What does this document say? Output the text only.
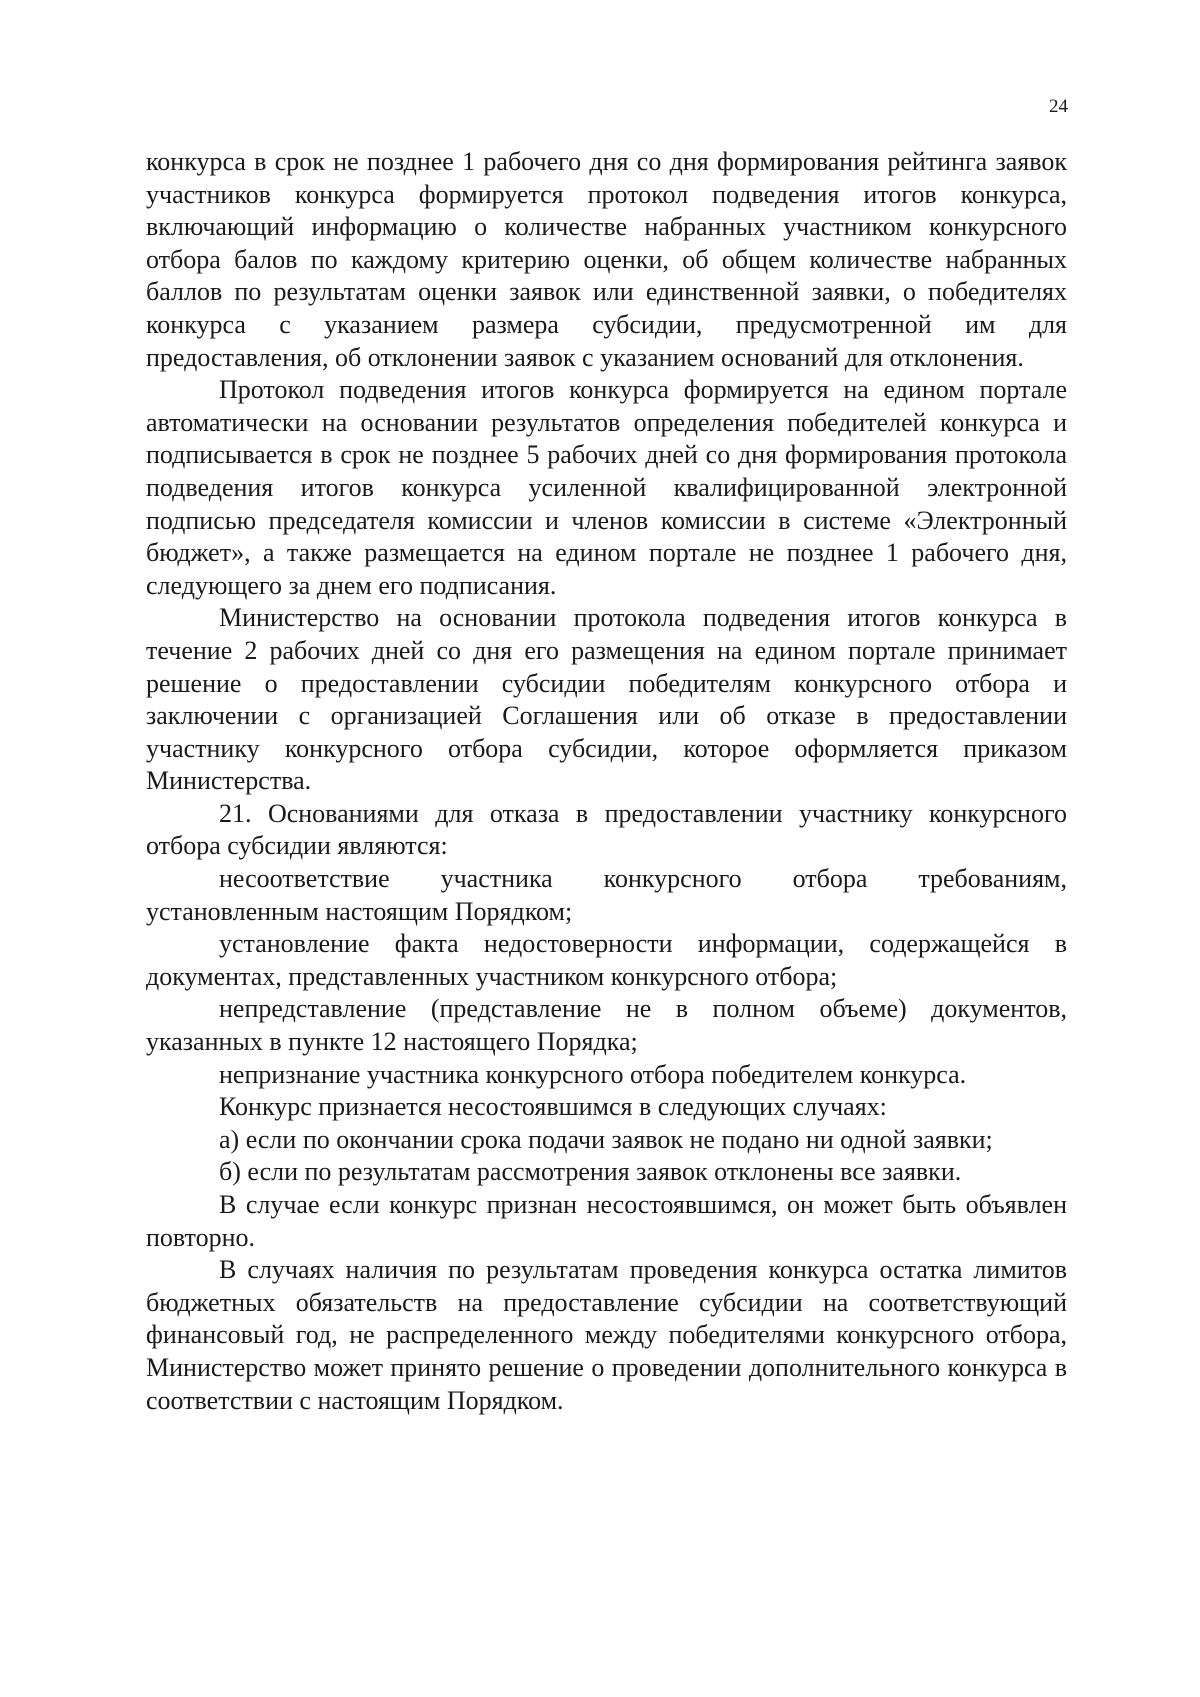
24

конкурса в срок не позднее 1 рабочего дня со дня формирования рейтинга заявок участников конкурса формируется протокол подведения итогов конкурса, включающий информацию о количестве набранных участником конкурсного отбора балов по каждому критерию оценки, об общем количестве набранных баллов по результатам оценки заявок или единственной заявки, о победителях конкурса с указанием размера субсидии, предусмотренной им для предоставления, об отклонении заявок с указанием оснований для отклонения.

Протокол подведения итогов конкурса формируется на едином портале автоматически на основании результатов определения победителей конкурса и подписывается в срок не позднее 5 рабочих дней со дня формирования протокола подведения итогов конкурса усиленной квалифицированной электронной подписью председателя комиссии и членов комиссии в системе «Электронный бюджет», а также размещается на едином портале не позднее 1 рабочего дня, следующего за днем его подписания.

Министерство на основании протокола подведения итогов конкурса в течение 2 рабочих дней со дня его размещения на едином портале принимает решение о предоставлении субсидии победителям конкурсного отбора и заключении с организацией Соглашения или об отказе в предоставлении участнику конкурсного отбора субсидии, которое оформляется приказом Министерства.

21. Основаниями для отказа в предоставлении участнику конкурсного отбора субсидии являются:

несоответствие участника конкурсного отбора требованиям, установленным настоящим Порядком;

установление факта недостоверности информации, содержащейся в документах, представленных участником конкурсного отбора;

непредставление (представление не в полном объеме) документов, указанных в пункте 12 настоящего Порядка;

непризнание участника конкурсного отбора победителем конкурса.

Конкурс признается несостоявшимся в следующих случаях:

а) если по окончании срока подачи заявок не подано ни одной заявки;

б) если по результатам рассмотрения заявок отклонены все заявки.

В случае если конкурс признан несостоявшимся, он может быть объявлен повторно.

В случаях наличия по результатам проведения конкурса остатка лимитов бюджетных обязательств на предоставление субсидии на соответствующий финансовый год, не распределенного между победителями конкурсного отбора, Министерство может принято решение о проведении дополнительного конкурса в соответствии с настоящим Порядком.
